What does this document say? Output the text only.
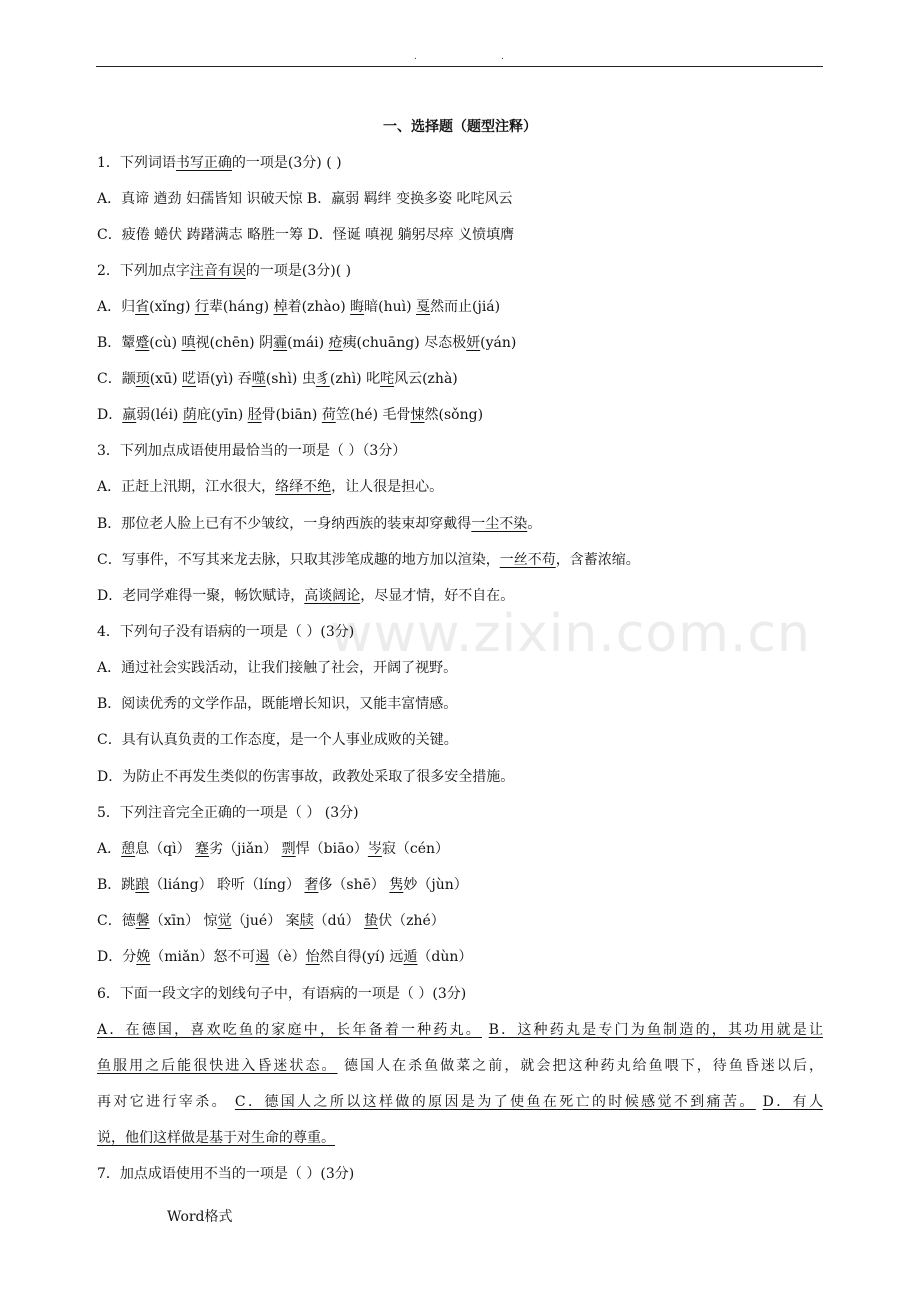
.	.
www.zixin.com.cn
一、选择题（题型注释）
1．下列词语书写正确的一项是(3分) ( )
A．真谛 遒劲 妇孺皆知 识破天惊 B．羸弱 羁绊 变换多姿 叱咤风云
C．疲倦 蜷伏 踌躇满志 略胜一筹 D．怪诞 嗔视 躺躬尽瘁 义愤填膺
2．下列加点字注音有误的一项是(3分)( )
A．归省(xǐng) 行辈(háng) 棹着(zhào) 晦暗(huì) 戛然而止(jiá)
B．颦蹙(cù) 嗔视(chēn) 阴霾(mái) 疮痍(chuāng) 尽态极妍(yán)
C．颛顼(xū) 呓语(yì) 吞噬(shì) 虫豸(zhì) 叱咤风云(zhà)
D．羸弱(léi) 荫庇(yīn) 胫骨(biān) 荷笠(hé) 毛骨悚然(sǒng)
3．下列加点成语使用最恰当的一项是（ ）（3分）
A．正赶上汛期，江水很大，络绎不绝，让人很是担心。
B．那位老人脸上已有不少皱纹，一身纳西族的装束却穿戴得一尘不染。
C．写事件，不写其来龙去脉，只取其涉笔成趣的地方加以渲染，一丝不苟，含蓄浓缩。
D．老同学难得一聚，畅饮赋诗，高谈阔论，尽显才情，好不自在。
4．下列句子没有语病的一项是（ ）(3分)
A．通过社会实践活动，让我们接触了社会，开阔了视野。
B．阅读优秀的文学作品，既能增长知识，又能丰富情感。
C．具有认真负责的工作态度，是一个人事业成败的关键。
D．为防止不再发生类似的伤害事故，政教处采取了很多安全措施。
5．下列注音完全正确的一项是（ ） (3分)
A．憩息（qì） 蹇劣（jiǎn） 剽悍（biāo）岑寂（cén）
B．跳踉（liáng） 聆听（líng） 奢侈（shē） 隽妙（jùn）
C．德馨（xīn） 惊觉（jué） 案牍（dú） 蛰伏（zhé）
D．分娩（miǎn）怒不可遏（è）怡然自得(yí) 远遁（dùn）
6．下面一段文字的划线句子中，有语病的一项是（ ）(3分)
A．在德国，喜欢吃鱼的家庭中，长年备着一种药丸。 B．这种药丸是专门为鱼制造的，其功用就是让
鱼服用之后能很快进入昏迷状态。 德国人在杀鱼做菜之前，就会把这种药丸给鱼喂下，待鱼昏迷以后，
再对它进行宰杀。 C．德国人之所以这样做的原因是为了使鱼在死亡的时候感觉不到痛苦。 D．有人
说，他们这样做是基于对生命的尊重。
7．加点成语使用不当的一项是（ ）(3分)
Word格式
